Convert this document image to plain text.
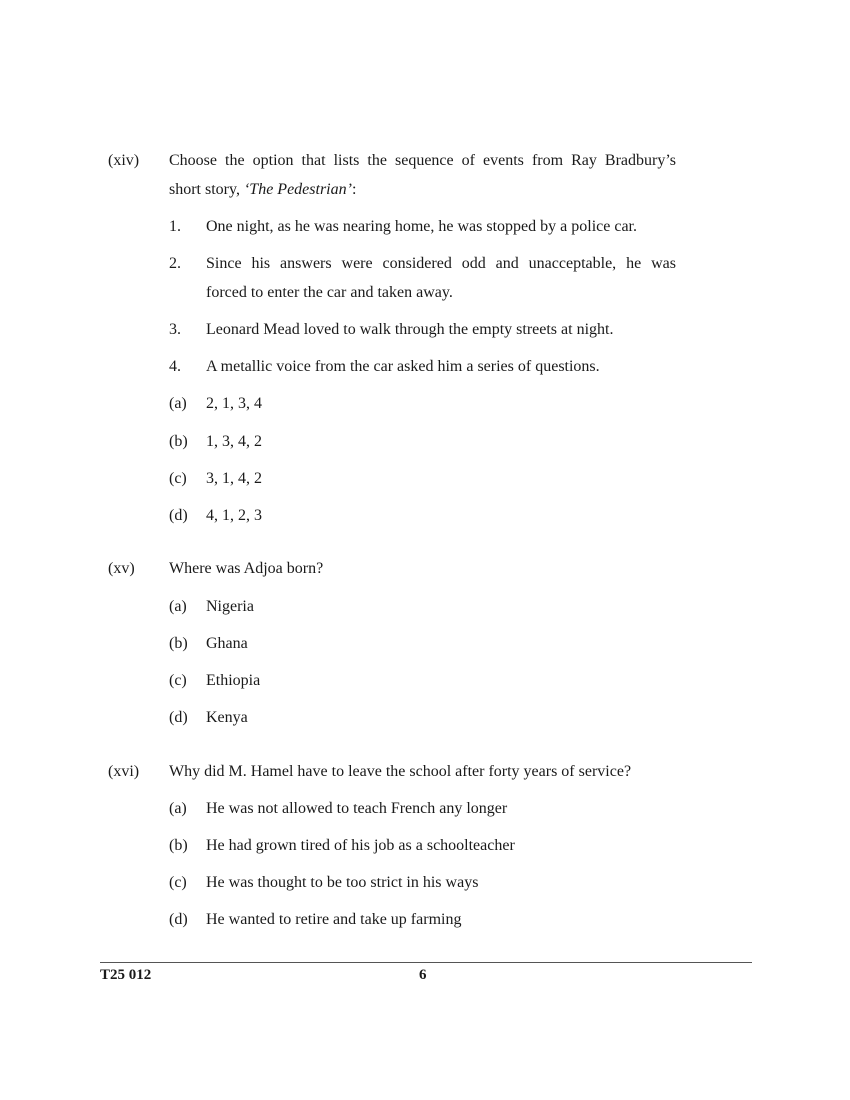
(xiv) Choose the option that lists the sequence of events from Ray Bradbury’s
short story, ‘The Pedestrian’:
1. One night, as he was nearing home, he was stopped by a police car.
2. Since his answers were considered odd and unacceptable, he was
forced to enter the car and taken away.
3. Leonard Mead loved to walk through the empty streets at night.
4. A metallic voice from the car asked him a series of questions.
(a) 2, 1, 3, 4
(b) 1, 3, 4, 2
(c) 3, 1, 4, 2
(d) 4, 1, 2, 3
(xv) Where was Adjoa born?
(a) Nigeria
(b) Ghana
(c) Ethiopia
(d) Kenya
(xvi) Why did M. Hamel have to leave the school after forty years of service?
(a) He was not allowed to teach French any longer
(b) He had grown tired of his job as a schoolteacher
(c) He was thought to be too strict in his ways
(d) He wanted to retire and take up farming
T25 012	6
